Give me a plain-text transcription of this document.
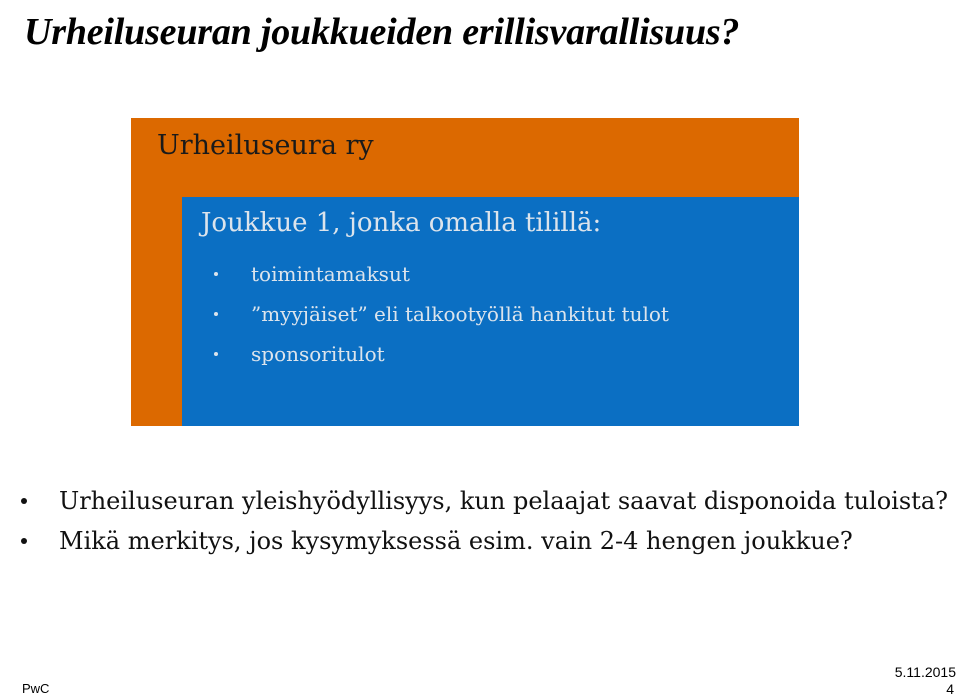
Urheiluseuran joukkueiden erillisvarallisuus?
Urheiluseura ry
Joukkue 1, jonka omalla tilillä:
toimintamaksut
”myyjäiset” eli talkootyöllä hankitut tulot
sponsoritulot
Urheiluseuran yleishyödyllisyys, kun pelaajat saavat disponoida tuloista?
Mikä merkitys, jos kysymyksessä esim. vain 2-4 hengen joukkue?
PwC
5.11.2015
4
